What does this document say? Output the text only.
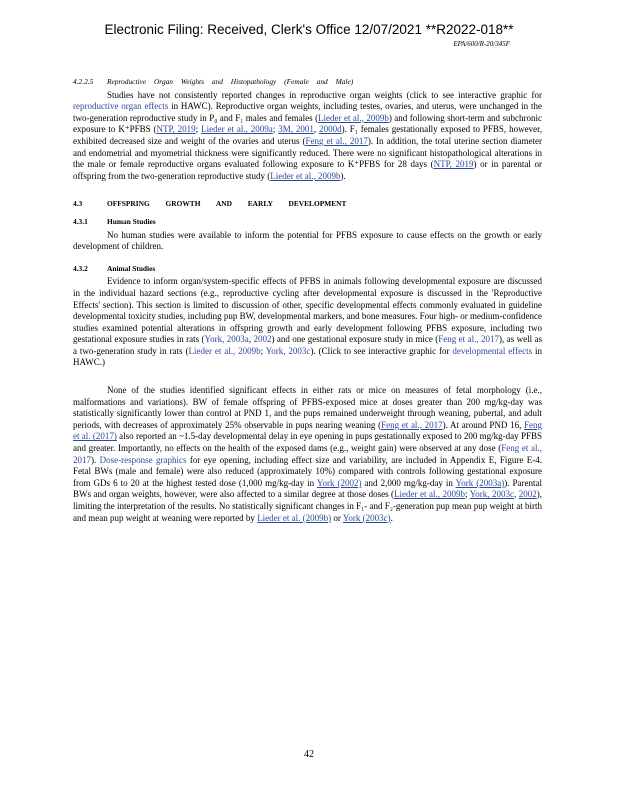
Electronic Filing: Received, Clerk's Office 12/07/2021 **R2022-018**
EPA/600/R-20/345F
4.2.2.5	Reproductive Organ Weights and Histopathology (Female and Male)

Studies have not consistently reported changes in reproductive organ weights (click to see interactive graphic for reproductive organ effects in HAWC). Reproductive organ weights, including testes, ovaries, and uterus, were unchanged in the two-generation reproductive study in P₀ and F₁ males and females (Lieder et al., 2009b) and following short-term and subchronic exposure to K⁺PFBS (NTP, 2019; Lieder et al., 2009a; 3M, 2001, 2000d). F₁ females gestationally exposed to PFBS, however, exhibited decreased size and weight of the ovaries and uterus (Feng et al., 2017). In addition, the total uterine section diameter and endometrial and myometrial thickness were significantly reduced. There were no significant histopathological alterations in the male or female reproductive organs evaluated following exposure to K⁺PFBS for 28 days (NTP, 2019) or in parental or offspring from the two-generation reproductive study (Lieder et al., 2009b).

4.3	OFFSPRING GROWTH AND EARLY DEVELOPMENT
4.3.1	Human Studies

No human studies were available to inform the potential for PFBS exposure to cause effects on the growth or early development of children.

4.3.2	Animal Studies

Evidence to inform organ/system-specific effects of PFBS in animals following developmental exposure are discussed in the individual hazard sections (e.g., reproductive cycling after developmental exposure is discussed in the 'Reproductive Effects' section). This section is limited to discussion of other, specific developmental effects commonly evaluated in guideline developmental toxicity studies, including pup BW, developmental markers, and bone measures. Four high- or medium-confidence studies examined potential alterations in offspring growth and early development following PFBS exposure, including two gestational exposure studies in rats (York, 2003a, 2002) and one gestational exposure study in mice (Feng et al., 2017), as well as a two-generation study in rats (Lieder et al., 2009b; York, 2003c). (Click to see interactive graphic for developmental effects in HAWC.)

None of the studies identified significant effects in either rats or mice on measures of fetal morphology (i.e., malformations and variations). BW of female offspring of PFBS-exposed mice at doses greater than 200 mg/kg-day was statistically significantly lower than control at PND 1, and the pups remained underweight through weaning, pubertal, and adult periods, with decreases of approximately 25% observable in pups nearing weaning (Feng et al., 2017). At around PND 16, Feng et al. (2017) also reported an ~1.5-day developmental delay in eye opening in pups gestationally exposed to 200 mg/kg-day PFBS and greater. Importantly, no effects on the health of the exposed dams (e.g., weight gain) were observed at any dose (Feng et al., 2017). Dose-response graphics for eye opening, including effect size and variability, are included in Appendix E, Figure E-4. Fetal BWs (male and female) were also reduced (approximately 10%) compared with controls following gestational exposure from GDs 6 to 20 at the highest tested dose (1,000 mg/kg-day in York (2002) and 2,000 mg/kg-day in York (2003a)). Parental BWs and organ weights, however, were also affected to a similar degree at those doses (Lieder et al., 2009b; York, 2003c, 2002), limiting the interpretation of the results. No statistically significant changes in F₁- and F₂-generation pup mean pup weight at birth and mean pup weight at weaning were reported by Lieder et al. (2009b) or York (2003c).

42
